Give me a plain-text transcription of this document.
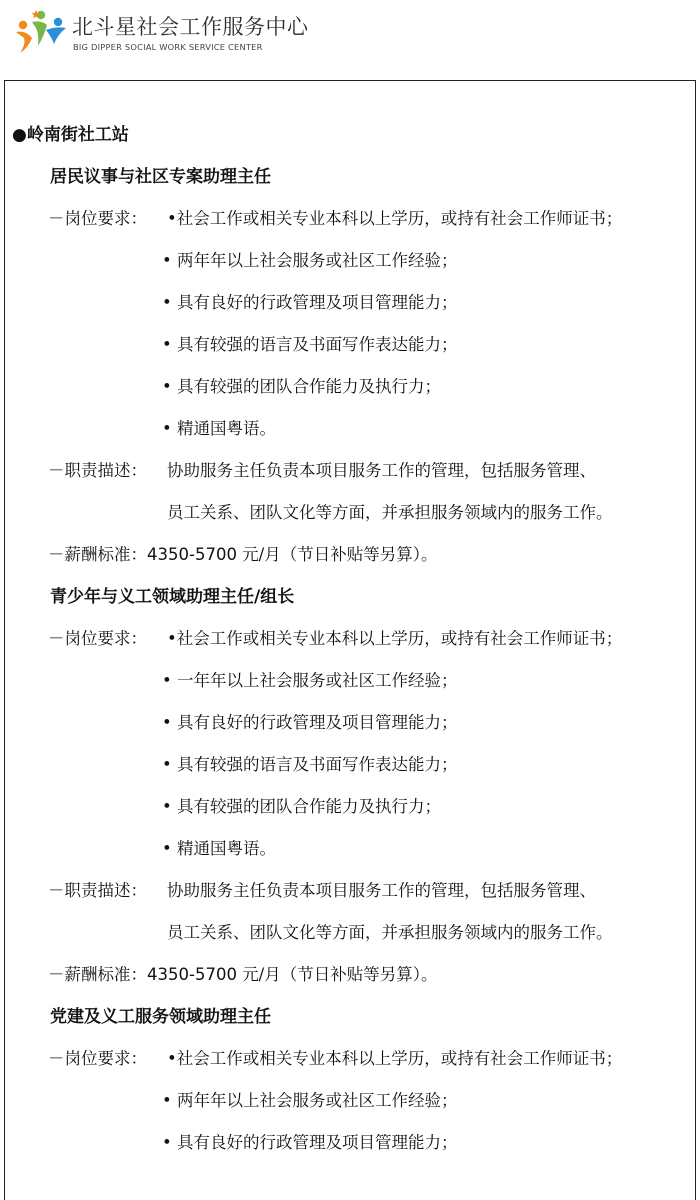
北斗星社会工作服务中心
BIG DIPPER SOCIAL WORK SERVICE CENTER
●岭南街社工站
居民议事与社区专案助理主任
－岗位要求： •社会工作或相关专业本科以上学历，或持有社会工作师证书；
• 两年年以上社会服务或社区工作经验；
• 具有良好的行政管理及项目管理能力；
• 具有较强的语言及书面写作表达能力；
• 具有较强的团队合作能力及执行力；
• 精通国粤语。
－职责描述： 协助服务主任负责本项目服务工作的管理，包括服务管理、
员工关系、团队文化等方面，并承担服务领域内的服务工作。
－薪酬标准：4350-5700 元/月（节日补贴等另算）。
青少年与义工领域助理主任/组长
－岗位要求： •社会工作或相关专业本科以上学历，或持有社会工作师证书；
• 一年年以上社会服务或社区工作经验；
• 具有良好的行政管理及项目管理能力；
• 具有较强的语言及书面写作表达能力；
• 具有较强的团队合作能力及执行力；
• 精通国粤语。
－职责描述： 协助服务主任负责本项目服务工作的管理，包括服务管理、
员工关系、团队文化等方面，并承担服务领域内的服务工作。
－薪酬标准：4350-5700 元/月（节日补贴等另算）。
党建及义工服务领域助理主任
－岗位要求： •社会工作或相关专业本科以上学历，或持有社会工作师证书；
• 两年年以上社会服务或社区工作经验；
• 具有良好的行政管理及项目管理能力；
